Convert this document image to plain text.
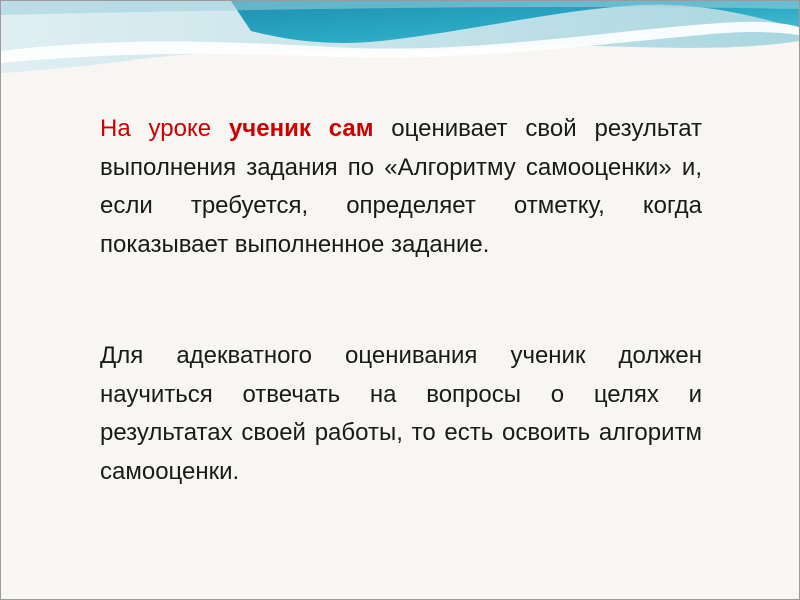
На уроке ученик сам оценивает свой результат выполнения задания по «Алгоритму самооценки» и, если требуется, определяет отметку, когда показывает выполненное задание.

Для адекватного оценивания ученик должен научиться отвечать на вопросы о целях и результатах своей работы, то есть освоить алгоритм самооценки.
